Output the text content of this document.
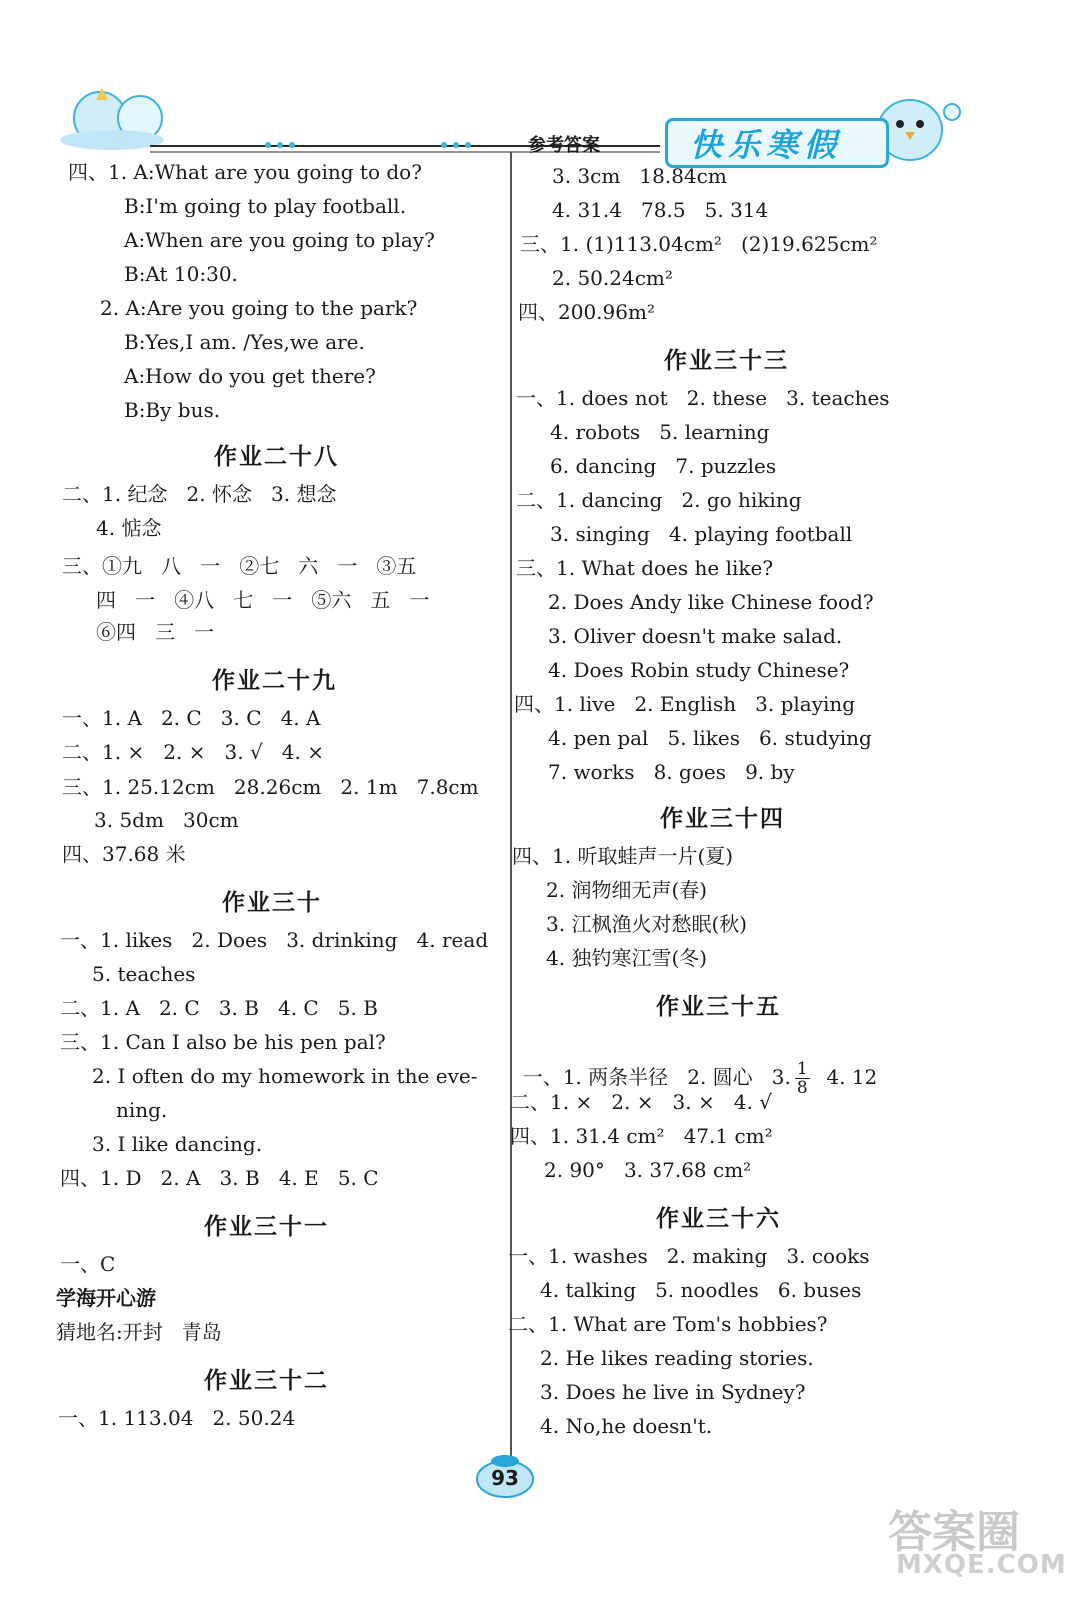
快乐寒假
参考答案
四、1. A:What are you going to do?
B:I'm going to play football.
A:When are you going to play?
B:At 10:30.
2. A:Are you going to the park?
B:Yes,I am. /Yes,we are.
A:How do you get there?
B:By bus.
作业二十八
二、1. 纪念   2. 怀念   3. 想念
4. 惦念
三、①九   八   一   ②七   六   一   ③五
四   一   ④八   七   一   ⑤六   五   一
⑥四   三   一
作业二十九
一、1. A   2. C   3. C   4. A
二、1. ×   2. ×   3. √   4. ×
三、1. 25.12cm   28.26cm   2. 1m   7.8cm
3. 5dm   30cm
四、37.68 米
作业三十
一、1. likes   2. Does   3. drinking   4. read
5. teaches
二、1. A   2. C   3. B   4. C   5. B
三、1. Can I also be his pen pal?
2. I often do my homework in the eve-
ning.
3. I like dancing.
四、1. D   2. A   3. B   4. E   5. C
作业三十一
一、C
学海开心游
猜地名:开封   青岛
作业三十二
一、1. 113.04   2. 50.24
3. 3cm   18.84cm
4. 31.4   78.5   5. 314
三、1. (1)113.04cm²   (2)19.625cm²
2. 50.24cm²
四、200.96m²
作业三十三
一、1. does not   2. these   3. teaches
4. robots   5. learning
6. dancing   7. puzzles
二、1. dancing   2. go hiking
3. singing   4. playing football
三、1. What does he like?
2. Does Andy like Chinese food?
3. Oliver doesn't make salad.
4. Does Robin study Chinese?
四、1. live   2. English   3. playing
4. pen pal   5. likes   6. studying
7. works   8. goes   9. by
作业三十四
四、1. 听取蛙声一片(夏)
2. 润物细无声(春)
3. 江枫渔火对愁眠(秋)
4. 独钓寒江雪(冬)
作业三十五

一、1. 两条半径   2. 圆心   3. $\frac{1}{8} 4$. 12

二、1. ×   2. ×   3. ×   4. √
四、1. 31.4 cm²   47.1 cm²
2. 90°   3. 37.68 cm²
作业三十六
一、1. washes   2. making   3. cooks
4. talking   5. noodles   6. buses
二、1. What are Tom's hobbies?
2. He likes reading stories.
3. Does he live in Sydney?
4. No,he doesn't.
93
答案圈
MXQE.COM
